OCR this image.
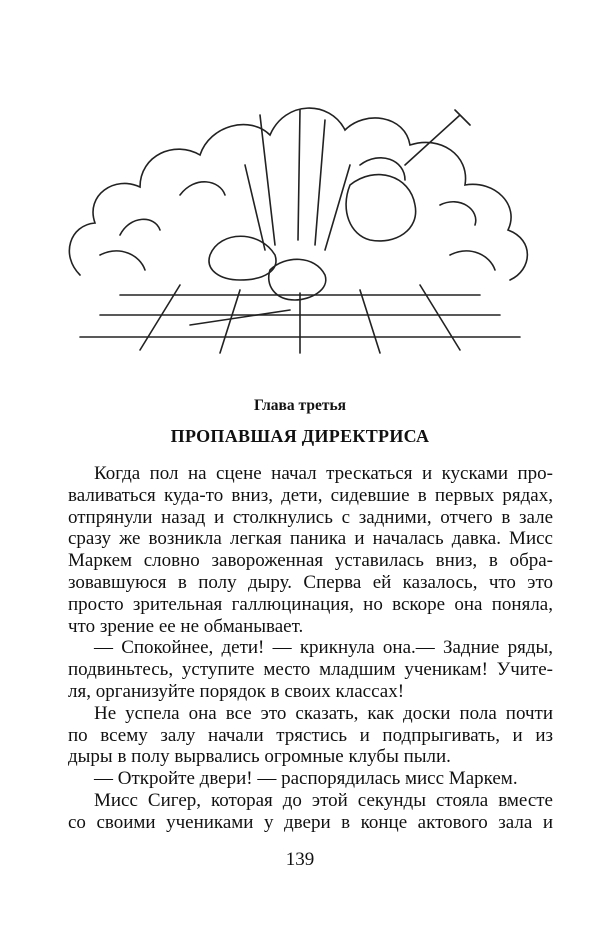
Глава третья
ПРОПАВШАЯ ДИРЕКТРИСА
Когда пол на сцене начал трескаться и кусками про-
валиваться куда-то вниз, дети, сидевшие в первых рядах,
отпрянули назад и столкнулись с задними, отчего в зале
сразу же возникла легкая паника и началась давка. Мисс
Маркем словно завороженная уставилась вниз, в обра-
зовавшуюся в полу дыру. Сперва ей казалось, что это
просто зрительная галлюцинация, но вскоре она поняла,
что зрение ее не обманывает.
— Спокойнее, дети! — крикнула она.— Задние ряды,
подвиньтесь, уступите место младшим ученикам! Учите-
ля, организуйте порядок в своих классах!
Не успела она все это сказать, как доски пола почти
по всему залу начали трястись и подпрыгивать, и из
дыры в полу вырвались огромные клубы пыли.
— Откройте двери! — распорядилась мисс Маркем.
Мисс Сигер, которая до этой секунды стояла вместе
со своими учениками у двери в конце актового зала и
139
